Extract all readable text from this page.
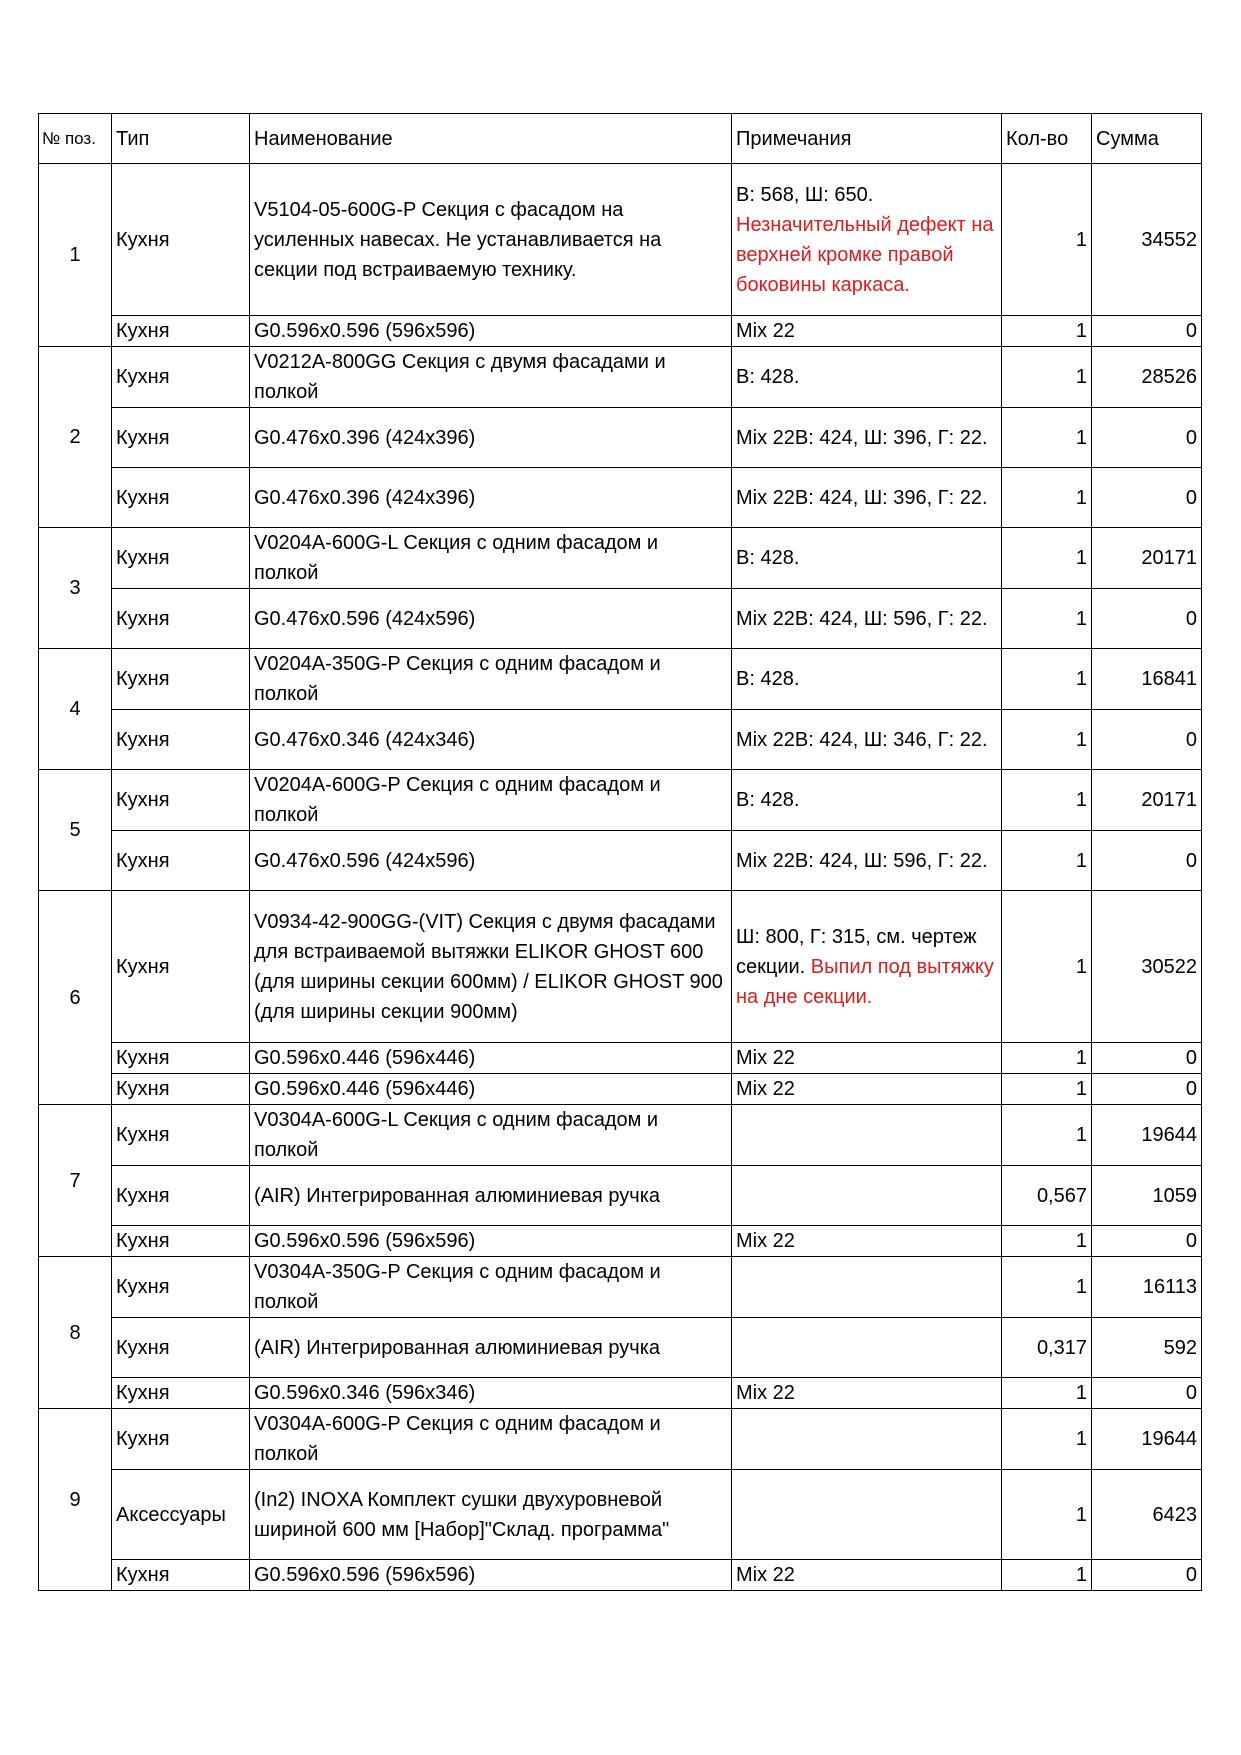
№ поз.	Тип	Наименование	Примечания	Кол-во	Сумма
1	Кухня	V5104-05-600G-P Секция с фасадом на усиленных навесах. Не устанавливается на секции под встраиваемую технику.	В: 568, Ш: 650. Незначительный дефект на верхней кромке правой боковины каркаса.	1	34552
	Кухня	G0.596x0.596 (596x596)	Mix 22	1	0
2	Кухня	V0212A-800GG Секция с двумя фасадами и полкой	В: 428.	1	28526
	Кухня	G0.476x0.396 (424x396)	Mix 22В: 424, Ш: 396, Г: 22.	1	0
	Кухня	G0.476x0.396 (424x396)	Mix 22В: 424, Ш: 396, Г: 22.	1	0
3	Кухня	V0204A-600G-L Секция с одним фасадом и полкой	В: 428.	1	20171
	Кухня	G0.476x0.596 (424x596)	Mix 22В: 424, Ш: 596, Г: 22.	1	0
4	Кухня	V0204A-350G-P Секция с одним фасадом и полкой	В: 428.	1	16841
	Кухня	G0.476x0.346 (424x346)	Mix 22В: 424, Ш: 346, Г: 22.	1	0
5	Кухня	V0204A-600G-P Секция с одним фасадом и полкой	В: 428.	1	20171
	Кухня	G0.476x0.596 (424x596)	Mix 22В: 424, Ш: 596, Г: 22.	1	0
6	Кухня	V0934-42-900GG-(VIT) Секция с двумя фасадами для встраиваемой вытяжки ELIKOR GHOST 600 (для ширины секции 600мм) / ELIKOR GHOST 900 (для ширины секции 900мм)	Ш: 800, Г: 315, см. чертеж секции. Выпил под вытяжку на дне секции.	1	30522
	Кухня	G0.596x0.446 (596x446)	Mix 22	1	0
	Кухня	G0.596x0.446 (596x446)	Mix 22	1	0
7	Кухня	V0304A-600G-L Секция с одним фасадом и полкой		1	19644
	Кухня	(AIR) Интегрированная алюминиевая ручка		0,567	1059
	Кухня	G0.596x0.596 (596x596)	Mix 22	1	0
8	Кухня	V0304A-350G-P Секция с одним фасадом и полкой		1	16113
	Кухня	(AIR) Интегрированная алюминиевая ручка		0,317	592
	Кухня	G0.596x0.346 (596x346)	Mix 22	1	0
9	Кухня	V0304A-600G-P Секция с одним фасадом и полкой		1	19644
	Аксессуары	(In2) INOXA Комплект сушки двухуровневой шириной 600 мм [Набор]"Склад. программа"		1	6423
	Кухня	G0.596x0.596 (596x596)	Mix 22	1	0
